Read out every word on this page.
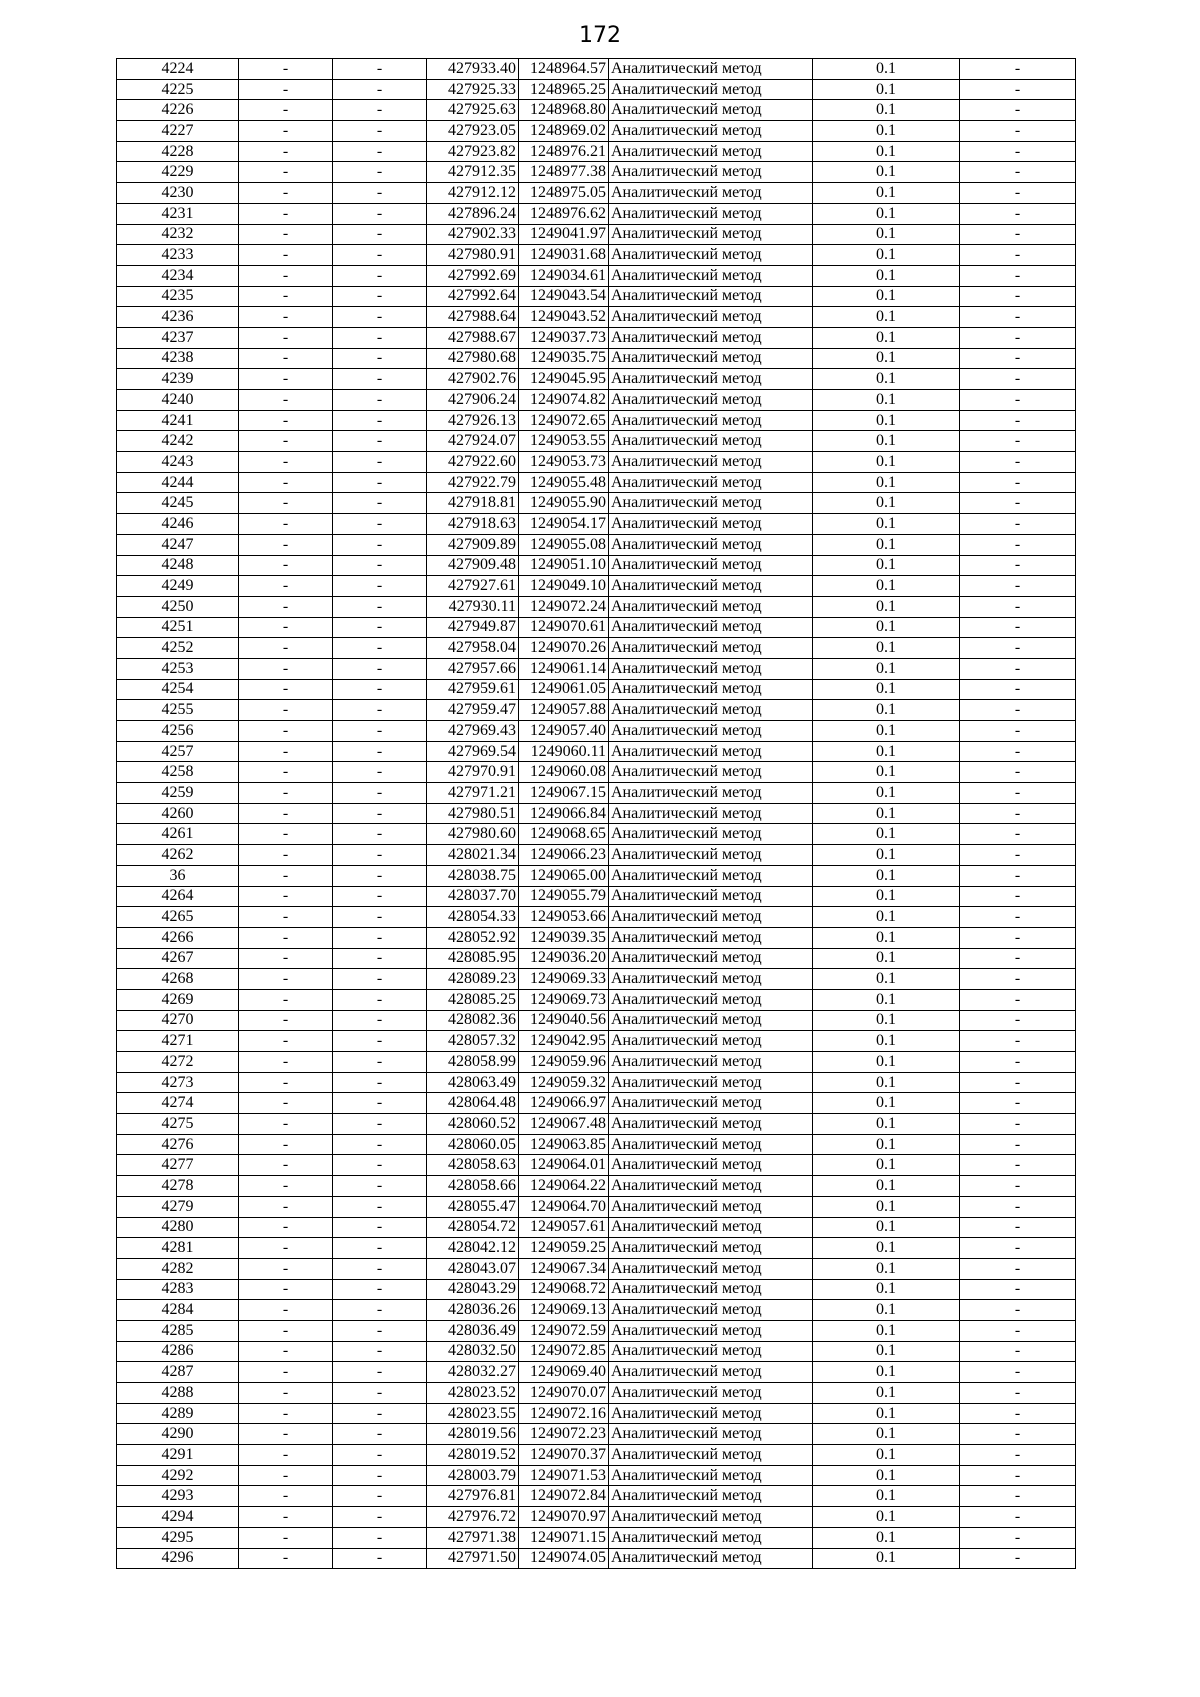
172
4224	-	-	427933.40	1248964.57	Аналитический метод	0.1	-
4225	-	-	427925.33	1248965.25	Аналитический метод	0.1	-
4226	-	-	427925.63	1248968.80	Аналитический метод	0.1	-
4227	-	-	427923.05	1248969.02	Аналитический метод	0.1	-
4228	-	-	427923.82	1248976.21	Аналитический метод	0.1	-
4229	-	-	427912.35	1248977.38	Аналитический метод	0.1	-
4230	-	-	427912.12	1248975.05	Аналитический метод	0.1	-
4231	-	-	427896.24	1248976.62	Аналитический метод	0.1	-
4232	-	-	427902.33	1249041.97	Аналитический метод	0.1	-
4233	-	-	427980.91	1249031.68	Аналитический метод	0.1	-
4234	-	-	427992.69	1249034.61	Аналитический метод	0.1	-
4235	-	-	427992.64	1249043.54	Аналитический метод	0.1	-
4236	-	-	427988.64	1249043.52	Аналитический метод	0.1	-
4237	-	-	427988.67	1249037.73	Аналитический метод	0.1	-
4238	-	-	427980.68	1249035.75	Аналитический метод	0.1	-
4239	-	-	427902.76	1249045.95	Аналитический метод	0.1	-
4240	-	-	427906.24	1249074.82	Аналитический метод	0.1	-
4241	-	-	427926.13	1249072.65	Аналитический метод	0.1	-
4242	-	-	427924.07	1249053.55	Аналитический метод	0.1	-
4243	-	-	427922.60	1249053.73	Аналитический метод	0.1	-
4244	-	-	427922.79	1249055.48	Аналитический метод	0.1	-
4245	-	-	427918.81	1249055.90	Аналитический метод	0.1	-
4246	-	-	427918.63	1249054.17	Аналитический метод	0.1	-
4247	-	-	427909.89	1249055.08	Аналитический метод	0.1	-
4248	-	-	427909.48	1249051.10	Аналитический метод	0.1	-
4249	-	-	427927.61	1249049.10	Аналитический метод	0.1	-
4250	-	-	427930.11	1249072.24	Аналитический метод	0.1	-
4251	-	-	427949.87	1249070.61	Аналитический метод	0.1	-
4252	-	-	427958.04	1249070.26	Аналитический метод	0.1	-
4253	-	-	427957.66	1249061.14	Аналитический метод	0.1	-
4254	-	-	427959.61	1249061.05	Аналитический метод	0.1	-
4255	-	-	427959.47	1249057.88	Аналитический метод	0.1	-
4256	-	-	427969.43	1249057.40	Аналитический метод	0.1	-
4257	-	-	427969.54	1249060.11	Аналитический метод	0.1	-
4258	-	-	427970.91	1249060.08	Аналитический метод	0.1	-
4259	-	-	427971.21	1249067.15	Аналитический метод	0.1	-
4260	-	-	427980.51	1249066.84	Аналитический метод	0.1	-
4261	-	-	427980.60	1249068.65	Аналитический метод	0.1	-
4262	-	-	428021.34	1249066.23	Аналитический метод	0.1	-
36	-	-	428038.75	1249065.00	Аналитический метод	0.1	-
4264	-	-	428037.70	1249055.79	Аналитический метод	0.1	-
4265	-	-	428054.33	1249053.66	Аналитический метод	0.1	-
4266	-	-	428052.92	1249039.35	Аналитический метод	0.1	-
4267	-	-	428085.95	1249036.20	Аналитический метод	0.1	-
4268	-	-	428089.23	1249069.33	Аналитический метод	0.1	-
4269	-	-	428085.25	1249069.73	Аналитический метод	0.1	-
4270	-	-	428082.36	1249040.56	Аналитический метод	0.1	-
4271	-	-	428057.32	1249042.95	Аналитический метод	0.1	-
4272	-	-	428058.99	1249059.96	Аналитический метод	0.1	-
4273	-	-	428063.49	1249059.32	Аналитический метод	0.1	-
4274	-	-	428064.48	1249066.97	Аналитический метод	0.1	-
4275	-	-	428060.52	1249067.48	Аналитический метод	0.1	-
4276	-	-	428060.05	1249063.85	Аналитический метод	0.1	-
4277	-	-	428058.63	1249064.01	Аналитический метод	0.1	-
4278	-	-	428058.66	1249064.22	Аналитический метод	0.1	-
4279	-	-	428055.47	1249064.70	Аналитический метод	0.1	-
4280	-	-	428054.72	1249057.61	Аналитический метод	0.1	-
4281	-	-	428042.12	1249059.25	Аналитический метод	0.1	-
4282	-	-	428043.07	1249067.34	Аналитический метод	0.1	-
4283	-	-	428043.29	1249068.72	Аналитический метод	0.1	-
4284	-	-	428036.26	1249069.13	Аналитический метод	0.1	-
4285	-	-	428036.49	1249072.59	Аналитический метод	0.1	-
4286	-	-	428032.50	1249072.85	Аналитический метод	0.1	-
4287	-	-	428032.27	1249069.40	Аналитический метод	0.1	-
4288	-	-	428023.52	1249070.07	Аналитический метод	0.1	-
4289	-	-	428023.55	1249072.16	Аналитический метод	0.1	-
4290	-	-	428019.56	1249072.23	Аналитический метод	0.1	-
4291	-	-	428019.52	1249070.37	Аналитический метод	0.1	-
4292	-	-	428003.79	1249071.53	Аналитический метод	0.1	-
4293	-	-	427976.81	1249072.84	Аналитический метод	0.1	-
4294	-	-	427976.72	1249070.97	Аналитический метод	0.1	-
4295	-	-	427971.38	1249071.15	Аналитический метод	0.1	-
4296	-	-	427971.50	1249074.05	Аналитический метод	0.1	-
